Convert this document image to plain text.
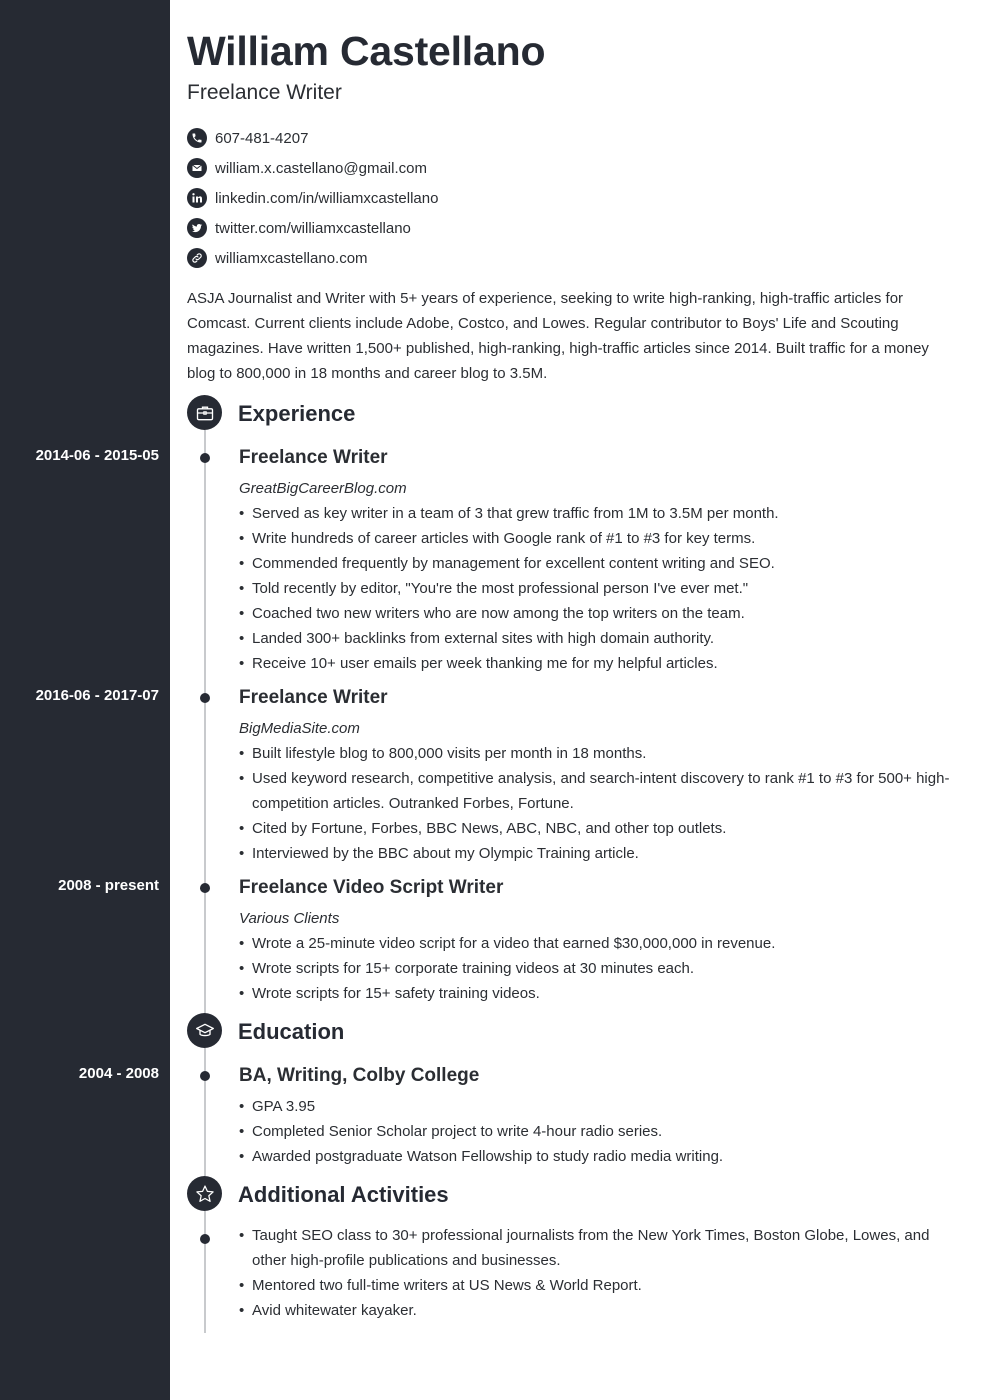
William Castellano
Freelance Writer
607-481-4207
william.x.castellano@gmail.com
linkedin.com/in/williamxcastellano
twitter.com/williamxcastellano
williamxcastellano.com

ASJA Journalist and Writer with 5+ years of experience, seeking to write high-ranking, high-traffic articles for Comcast. Current clients include Adobe, Costco, and Lowes. Regular contributor to Boys' Life and Scouting magazines. Have written 1,500+ published, high-ranking, high-traffic articles since 2014. Built traffic for a money blog to 800,000 in 18 months and career blog to 3.5M.

Experience
2014-06 - 2015-05	Freelance Writer
GreatBigCareerBlog.com
• Served as key writer in a team of 3 that grew traffic from 1M to 3.5M per month.
• Write hundreds of career articles with Google rank of #1 to #3 for key terms.
• Commended frequently by management for excellent content writing and SEO.
• Told recently by editor, "You're the most professional person I've ever met."
• Coached two new writers who are now among the top writers on the team.
• Landed 300+ backlinks from external sites with high domain authority.
• Receive 10+ user emails per week thanking me for my helpful articles.
2016-06 - 2017-07	Freelance Writer
BigMediaSite.com
• Built lifestyle blog to 800,000 visits per month in 18 months.
• Used keyword research, competitive analysis, and search-intent discovery to rank #1 to #3 for 500+ high-competition articles. Outranked Forbes, Fortune.
• Cited by Fortune, Forbes, BBC News, ABC, NBC, and other top outlets.
• Interviewed by the BBC about my Olympic Training article.
2008 - present	Freelance Video Script Writer
Various Clients
• Wrote a 25-minute video script for a video that earned $30,000,000 in revenue.
• Wrote scripts for 15+ corporate training videos at 30 minutes each.
• Wrote scripts for 15+ safety training videos.
Education
2004 - 2008	BA, Writing, Colby College
• GPA 3.95
• Completed Senior Scholar project to write 4-hour radio series.
• Awarded postgraduate Watson Fellowship to study radio media writing.
Additional Activities
• Taught SEO class to 30+ professional journalists from the New York Times, Boston Globe, Lowes, and other high-profile publications and businesses.
• Mentored two full-time writers at US News & World Report.
• Avid whitewater kayaker.
